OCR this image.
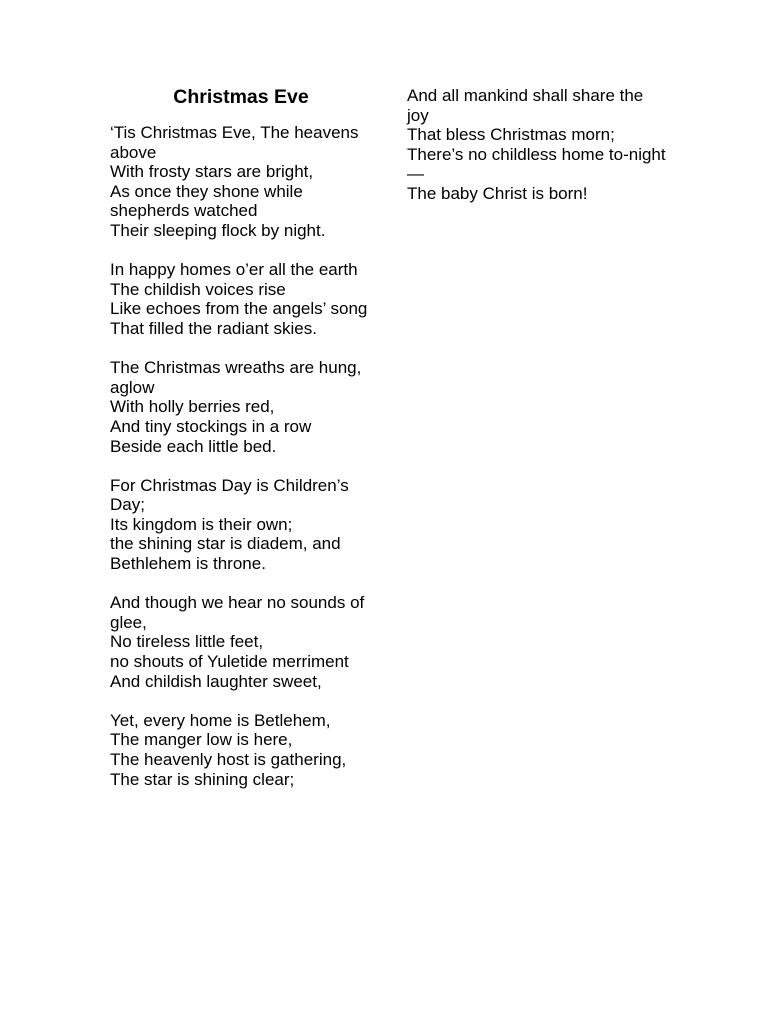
Christmas Eve
‘Tis Christmas Eve, The heavens above
With frosty stars are bright,
As once they shone while shepherds watched
Their sleeping flock by night.
In happy homes o’er all the earth
The childish voices rise
Like echoes from the angels’ song
That filled the radiant skies.
The Christmas wreaths are hung, aglow
With holly berries red,
And tiny stockings in a row
Beside each little bed.
For Christmas Day is Children’s Day;
Its kingdom is their own;
the shining star is diadem, and
Bethlehem is throne.
And though we hear no sounds of glee,
No tireless little feet,
no shouts of Yuletide merriment
And childish laughter sweet,
Yet, every home is Betlehem,
The manger low is here,
The heavenly host is gathering,
The star is shining clear;
And all mankind shall share the joy
That bless Christmas morn;
There’s no childless home to-night—
The baby Christ is born!
